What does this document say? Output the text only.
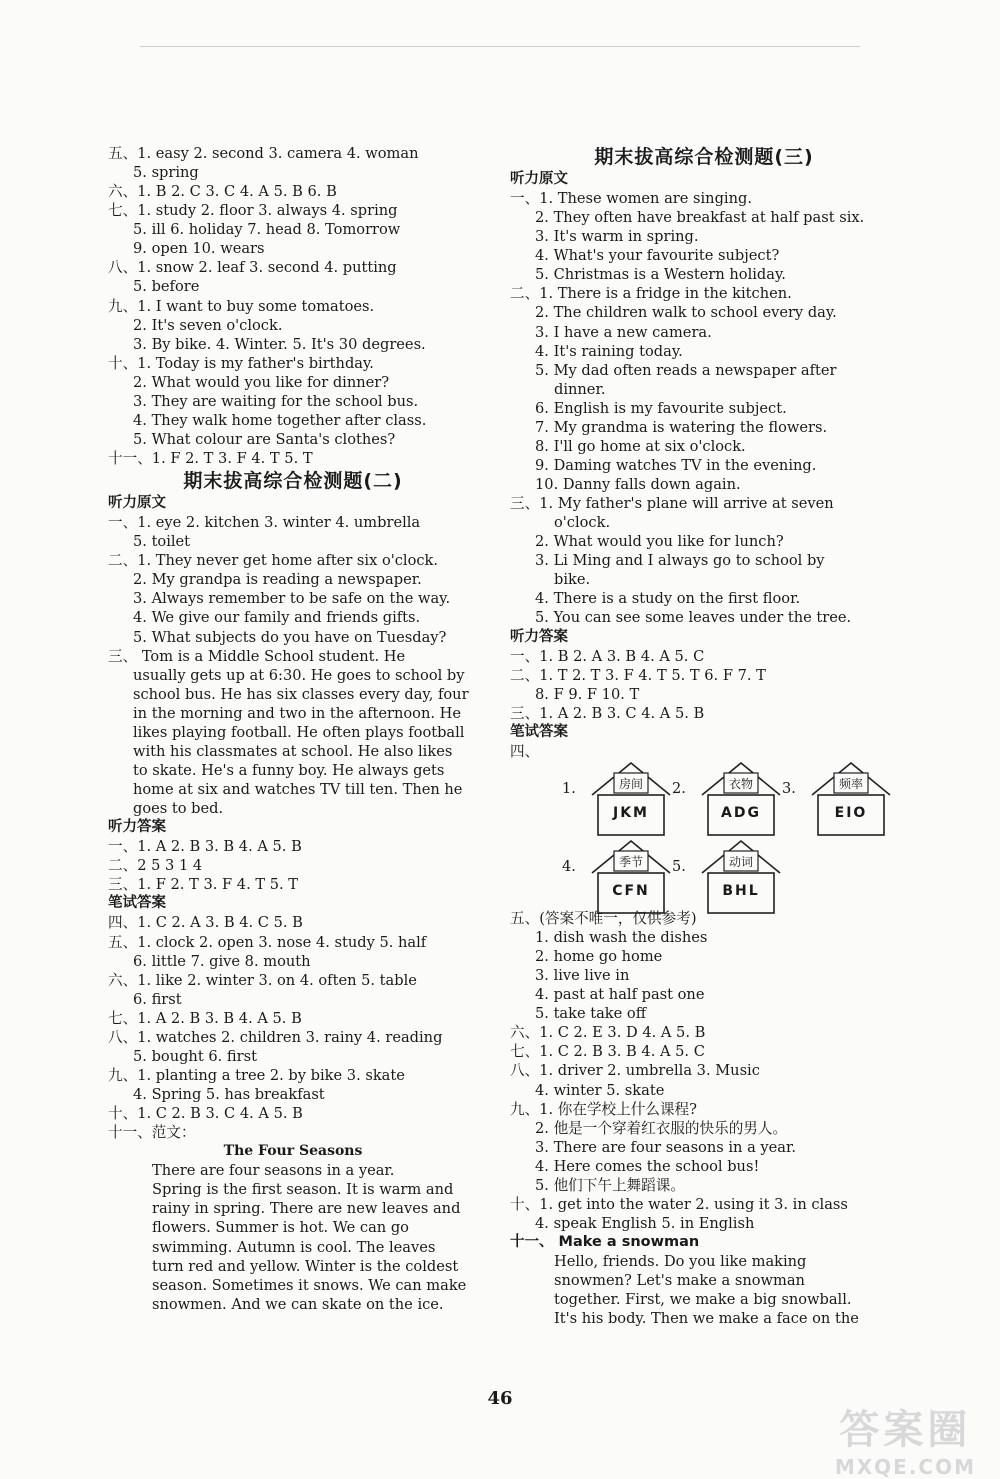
五、1. easy 2. second 3. camera 4. woman
5. spring
六、1. B 2. C 3. C 4. A 5. B 6. B
七、1. study 2. floor 3. always 4. spring
5. ill 6. holiday 7. head 8. Tomorrow
9. open 10. wears
八、1. snow 2. leaf 3. second 4. putting
5. before
九、1. I want to buy some tomatoes.
2. It's seven o'clock.
3. By bike. 4. Winter. 5. It's 30 degrees.
十、1. Today is my father's birthday.
2. What would you like for dinner?
3. They are waiting for the school bus.
4. They walk home together after class.
5. What colour are Santa's clothes?
十一、1. F 2. T 3. F 4. T 5. T
期末拔高综合检测题(二)
听力原文
一、1. eye 2. kitchen 3. winter 4. umbrella
5. toilet
二、1. They never get home after six o'clock.
2. My grandpa is reading a newspaper.
3. Always remember to be safe on the way.
4. We give our family and friends gifts.
5. What subjects do you have on Tuesday?
三、 Tom is a Middle School student. He
usually gets up at 6:30. He goes to school by
school bus. He has six classes every day, four
in the morning and two in the afternoon. He
likes playing football. He often plays football
with his classmates at school. He also likes
to skate. He's a funny boy. He always gets
home at six and watches TV till ten. Then he
goes to bed.
听力答案
一、1. A 2. B 3. B 4. A 5. B
二、2 5 3 1 4
三、1. F 2. T 3. F 4. T 5. T
笔试答案
四、1. C 2. A 3. B 4. C 5. B
五、1. clock 2. open 3. nose 4. study 5. half
6. little 7. give 8. mouth
六、1. like 2. winter 3. on 4. often 5. table
6. first
七、1. A 2. B 3. B 4. A 5. B
八、1. watches 2. children 3. rainy 4. reading
5. bought 6. first
九、1. planting a tree 2. by bike 3. skate
4. Spring 5. has breakfast
十、1. C 2. B 3. C 4. A 5. B
十一、范文：
The Four Seasons
There are four seasons in a year.
Spring is the first season. It is warm and
rainy in spring. There are new leaves and
flowers. Summer is hot. We can go
swimming. Autumn is cool. The leaves
turn red and yellow. Winter is the coldest
season. Sometimes it snows. We can make
snowmen. And we can skate on the ice.
期末拔高综合检测题(三)
听力原文
一、1. These women are singing.
2. They often have breakfast at half past six.
3. It's warm in spring.
4. What's your favourite subject?
5. Christmas is a Western holiday.
二、1. There is a fridge in the kitchen.
2. The children walk to school every day.
3. I have a new camera.
4. It's raining today.
5. My dad often reads a newspaper after
dinner.
6. English is my favourite subject.
7. My grandma is watering the flowers.
8. I'll go home at six o'clock.
9. Daming watches TV in the evening.
10. Danny falls down again.
三、1. My father's plane will arrive at seven
o'clock.
2. What would you like for lunch?
3. Li Ming and I always go to school by
bike.
4. There is a study on the first floor.
5. You can see some leaves under the tree.
听力答案
一、1. B 2. A 3. B 4. A 5. C
二、1. T 2. T 3. F 4. T 5. T 6. F 7. T
8. F 9. F 10. T
三、1. A 2. B 3. C 4. A 5. B
笔试答案
四、
1.	房间
JKM
2.	衣物
ADG
3.	频率
EIO
4.	季节
CFN
5.	动词
BHL
五、(答案不唯一，仅供参考)
1. dish wash the dishes
2. home go home
3. live live in
4. past at half past one
5. take take off
六、1. C 2. E 3. D 4. A 5. B
七、1. C 2. B 3. B 4. A 5. C
八、1. driver 2. umbrella 3. Music
4. winter 5. skate
九、1. 你在学校上什么课程?
2. 他是一个穿着红衣服的快乐的男人。
3. There are four seasons in a year.
4. Here comes the school bus!
5. 他们下午上舞蹈课。
十、1. get into the water 2. using it 3. in class
4. speak English 5. in English
十一、 Make a snowman
Hello, friends. Do you like making
snowmen? Let's make a snowman
together. First, we make a big snowball.
It's his body. Then we make a face on the
46
答案圈
MXQE.COM
